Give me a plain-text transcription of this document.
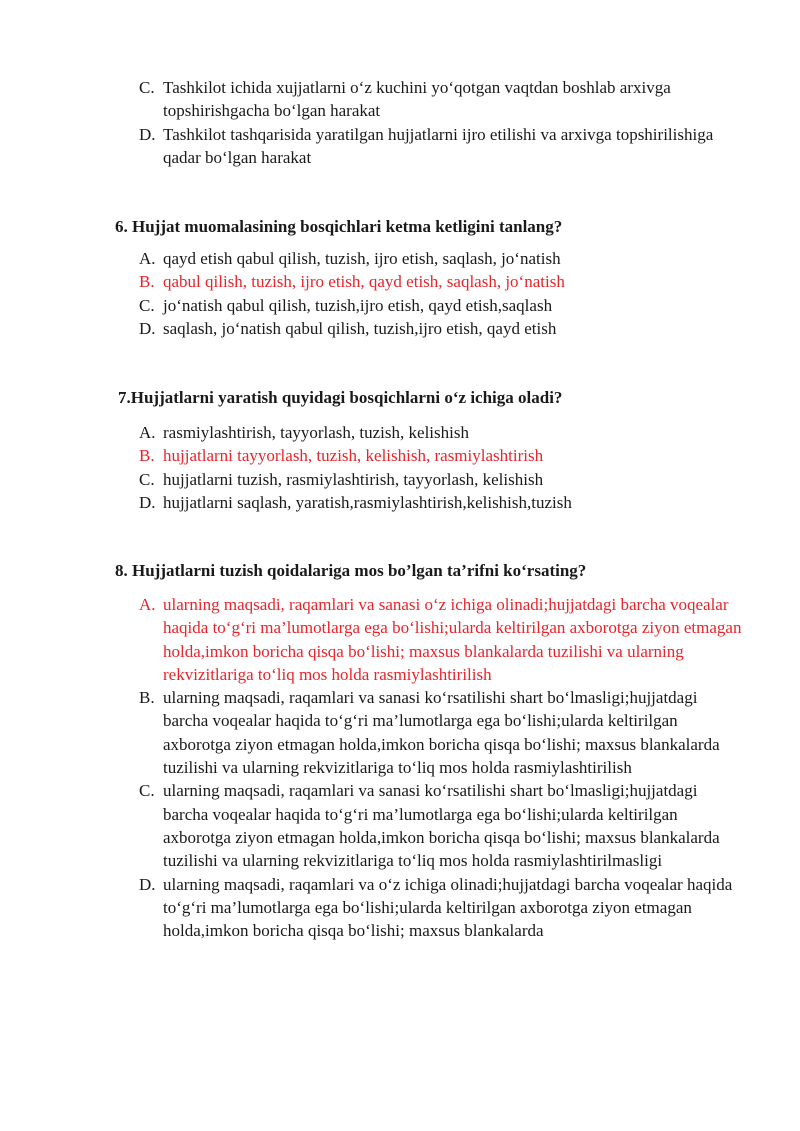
C. Tashkilot ichida xujjatlarni o‘z kuchini yo‘qotgan vaqtdan boshlab arxivga topshirishgacha bo‘lgan harakat
D. Tashkilot tashqarisida yaratilgan hujjatlarni ijro etilishi va arxivga topshirilishiga qadar bo‘lgan harakat
6. Hujjat muomalasining bosqichlari ketma ketligini tanlang?
A. qayd etish qabul qilish, tuzish, ijro etish, saqlash, jo‘natish
B. qabul qilish, tuzish, ijro etish, qayd etish, saqlash, jo‘natish
C. jo‘natish qabul qilish, tuzish,ijro etish, qayd etish,saqlash
D. saqlash, jo‘natish qabul qilish, tuzish,ijro etish, qayd etish
7.Hujjatlarni yaratish quyidagi bosqichlarni o‘z ichiga oladi?
A. rasmiylashtirish, tayyorlash, tuzish, kelishish
B. hujjatlarni tayyorlash, tuzish, kelishish, rasmiylashtirish
C. hujjatlarni tuzish, rasmiylashtirish, tayyorlash, kelishish
D. hujjatlarni saqlash, yaratish,rasmiylashtirish,kelishish,tuzish
8. Hujjatlarni tuzish qoidalariga mos bo’lgan ta’rifni ko‘rsating?
A. ularning maqsadi, raqamlari va sanasi o‘z ichiga olinadi;hujjatdagi barcha voqealar haqida to‘g‘ri ma’lumotlarga ega bo‘lishi;ularda keltirilgan axborotga ziyon etmagan holda,imkon boricha qisqa bo‘lishi; maxsus blankalarda tuzilishi va ularning rekvizitlariga to‘liq mos holda rasmiylashtirilish
B. ularning maqsadi, raqamlari va sanasi ko‘rsatilishi shart bo‘lmasligi;hujjatdagi barcha voqealar haqida to‘g‘ri ma’lumotlarga ega bo‘lishi;ularda keltirilgan axborotga ziyon etmagan holda,imkon boricha qisqa bo‘lishi; maxsus blankalarda tuzilishi va ularning rekvizitlariga to‘liq mos holda rasmiylashtirilish
C. ularning maqsadi, raqamlari va sanasi ko‘rsatilishi shart bo‘lmasligi;hujjatdagi barcha voqealar haqida to‘g‘ri ma’lumotlarga ega bo‘lishi;ularda keltirilgan axborotga ziyon etmagan holda,imkon boricha qisqa bo‘lishi; maxsus blankalarda tuzilishi va ularning rekvizitlariga to‘liq mos holda rasmiylashtirilmasligi
D. ularning maqsadi, raqamlari va o‘z ichiga olinadi;hujjatdagi barcha voqealar haqida to‘g‘ri ma’lumotlarga ega bo‘lishi;ularda keltirilgan axborotga ziyon etmagan holda,imkon boricha qisqa bo‘lishi; maxsus blankalarda
